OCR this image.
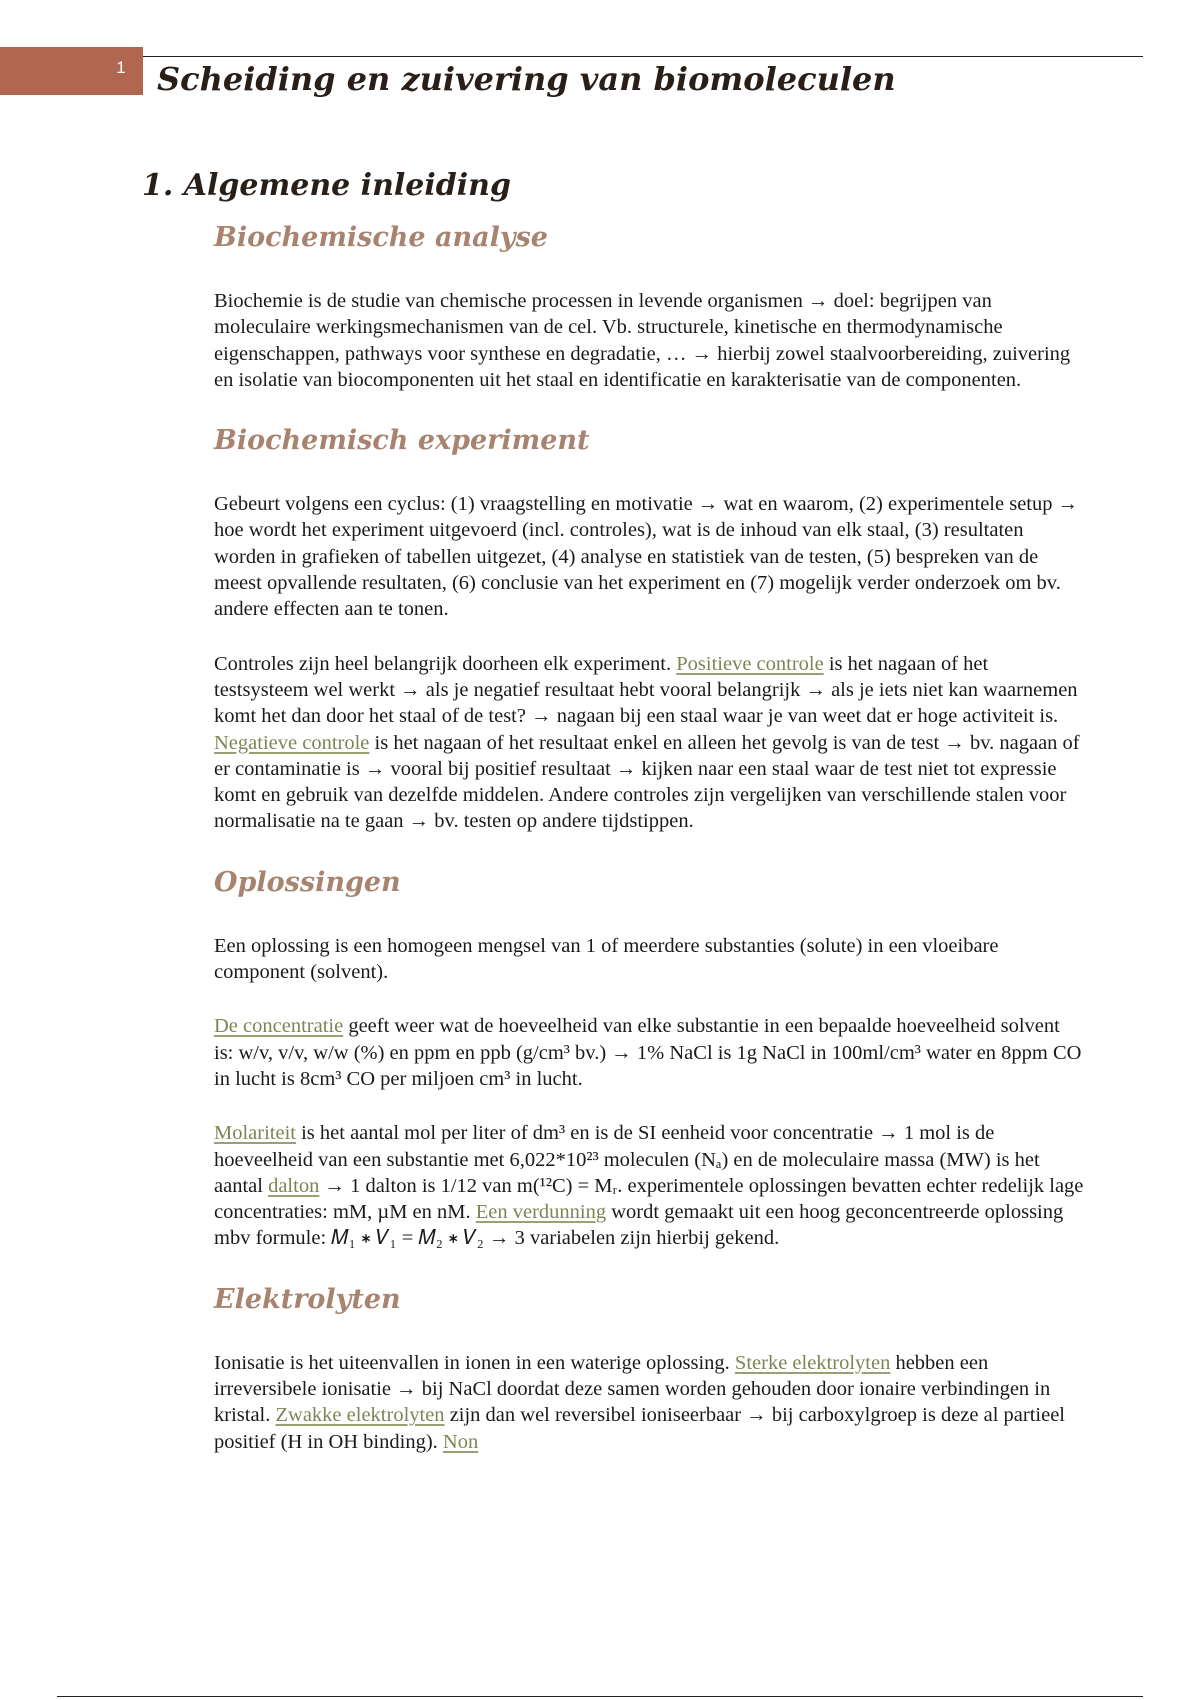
1 Scheiding en zuivering van biomoleculen
1. Algemene inleiding
Biochemische analyse

Biochemie is de studie van chemische processen in levende organismen → doel: begrijpen van moleculaire werkingsmechanismen van de cel. Vb. structurele, kinetische en thermodynamische eigenschappen, pathways voor synthese en degradatie, … → hierbij zowel staalvoorbereiding, zuivering en isolatie van biocomponenten uit het staal en identificatie en karakterisatie van de componenten.

Biochemisch experiment

Gebeurt volgens een cyclus: (1) vraagstelling en motivatie → wat en waarom, (2) experimentele setup → hoe wordt het experiment uitgevoerd (incl. controles), wat is de inhoud van elk staal, (3) resultaten worden in grafieken of tabellen uitgezet, (4) analyse en statistiek van de testen, (5) bespreken van de meest opvallende resultaten, (6) conclusie van het experiment en (7) mogelijk verder onderzoek om bv. andere effecten aan te tonen.

Controles zijn heel belangrijk doorheen elk experiment. Positieve controle is het nagaan of het testsysteem wel werkt → als je negatief resultaat hebt vooral belangrijk → als je iets niet kan waarnemen komt het dan door het staal of de test? → nagaan bij een staal waar je van weet dat er hoge activiteit is. Negatieve controle is het nagaan of het resultaat enkel en alleen het gevolg is van de test → bv. nagaan of er contaminatie is → vooral bij positief resultaat → kijken naar een staal waar de test niet tot expressie komt en gebruik van dezelfde middelen. Andere controles zijn vergelijken van verschillende stalen voor normalisatie na te gaan → bv. testen op andere tijdstippen.

Oplossingen

Een oplossing is een homogeen mengsel van 1 of meerdere substanties (solute) in een vloeibare component (solvent).

De concentratie geeft weer wat de hoeveelheid van elke substantie in een bepaalde hoeveelheid solvent is: w/v, v/v, w/w (%) en ppm en ppb (g/cm³ bv.) → 1% NaCl is 1g NaCl in 100ml/cm³ water en 8ppm CO in lucht is 8cm³ CO per miljoen cm³ in lucht.

Molariteit is het aantal mol per liter of dm³ en is de SI eenheid voor concentratie → 1 mol is de hoeveelheid van een substantie met 6,022*10²³ moleculen (Nₐ) en de moleculaire massa (MW) is het aantal dalton → 1 dalton is 1/12 van m(¹²C) = Mᵣ. experimentele oplossingen bevatten echter redelijk lage concentraties: mM, µM en nM. Een verdunning wordt gemaakt uit een hoog geconcentreerde oplossing mbv formule: 𝑀₁ ∗ 𝑉₁ = 𝑀₂ ∗ 𝑉₂ → 3 variabelen zijn hierbij gekend.

Elektrolyten

Ionisatie is het uiteenvallen in ionen in een waterige oplossing. Sterke elektrolyten hebben een irreversibele ionisatie → bij NaCl doordat deze samen worden gehouden door ionaire verbindingen in kristal. Zwakke elektrolyten zijn dan wel reversibel ioniseerbaar → bij carboxylgroep is deze al partieel positief (H in OH binding). Non
